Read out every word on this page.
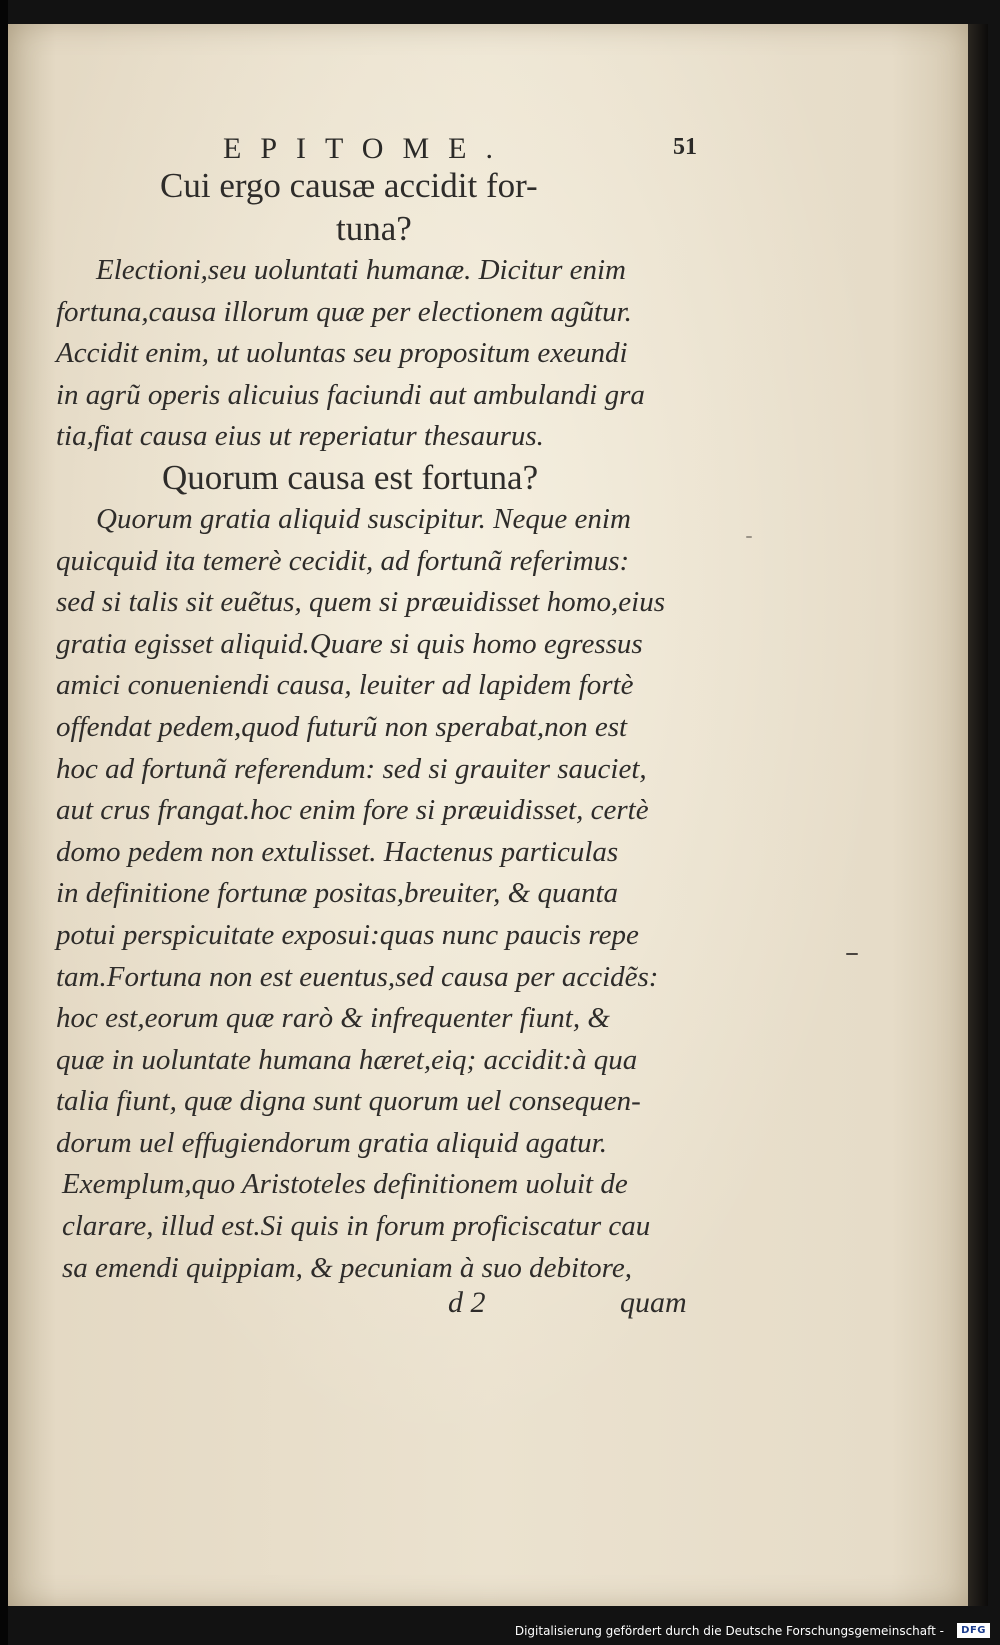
EPITOME.	51
Cui ergo causæ accidit for-
tuna?

Electioni,seu uoluntati humanæ. Dicitur enim
fortuna,causa illorum quæ per electionem agũtur.
Accidit enim, ut uoluntas seu propositum exeundi
in agrũ operis alicuius faciundi aut ambulandi gra
tia,fiat causa eius ut reperiatur thesaurus.

Quorum causa est fortuna?

Quorum gratia aliquid suscipitur. Neque enim
quicquid ita temerè cecidit, ad fortunã referimus:
sed si talis sit euẽtus, quem si præuidisset homo,eius
gratia egisset aliquid.Quare si quis homo egressus
amici conueniendi causa, leuiter ad lapidem fortè
offendat pedem,quod futurũ non sperabat,non est
hoc ad fortunã referendum: sed si grauiter sauciet,
aut crus frangat.hoc enim fore si præuidisset, certè
domo pedem non extulisset. Hactenus particulas
in definitione fortunæ positas,breuiter, & quanta
potui perspicuitate exposui:quas nunc paucis repe
tam.Fortuna non est euentus,sed causa per accidẽs:
hoc est,eorum quæ rarò & infrequenter fiunt, &
quæ in uoluntate humana hæret,eiq; accidit:à qua
talia fiunt, quæ digna sunt quorum uel consequen-
dorum uel effugiendorum gratia aliquid agatur.
Exemplum,quo Aristoteles definitionem uoluit de
clarare, illud est.Si quis in forum proficiscatur cau
sa emendi quippiam, & pecuniam à suo debitore,

d 2	quam
Digitalisierung gefördert durch die Deutsche Forschungsgemeinschaft -	DFG
